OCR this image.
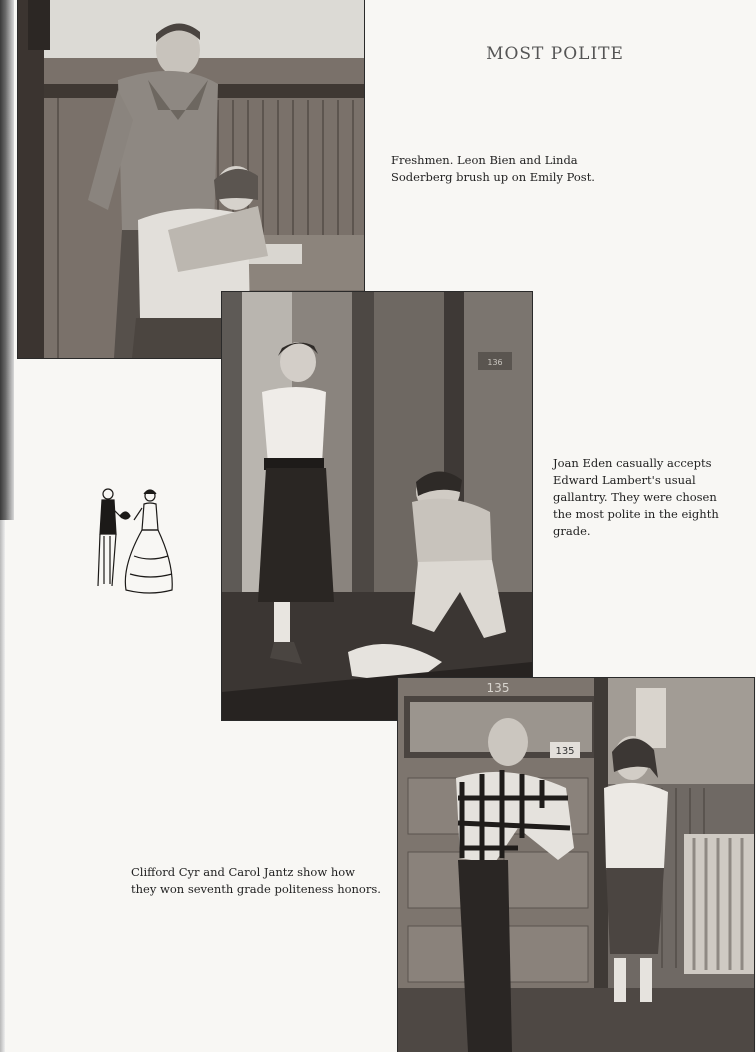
MOST POLITE
Freshmen. Leon Bien and Linda
Soderberg brush up on Emily Post.
136
Joan Eden casually accepts
Edward Lambert's usual
gallantry. They were chosen
the most polite in the eighth
grade.
135
135
Clifford Cyr and Carol Jantz show how
they won seventh grade politeness honors.
